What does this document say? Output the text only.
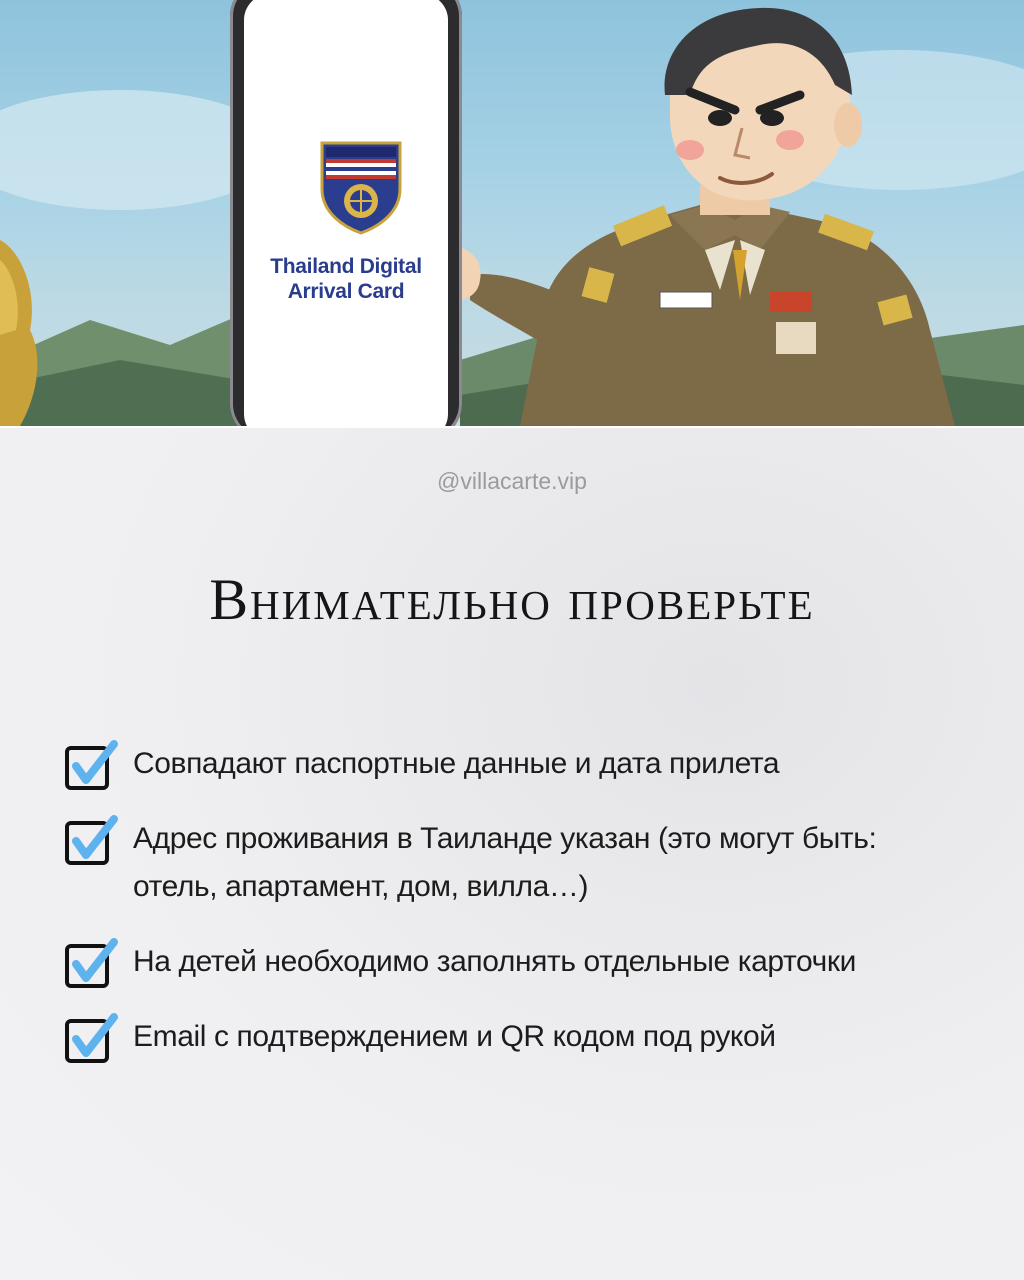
Thailand Digital
Arrival Card
@villacarte.vip
Внимательно проверьте
Совпадают паспортные данные и дата прилета
Адрес проживания в Таиланде указан (это могут быть: отель, апартамент, дом, вилла…)
На детей необходимо заполнять отдельные карточки
Email с подтверждением и QR кодом под рукой
